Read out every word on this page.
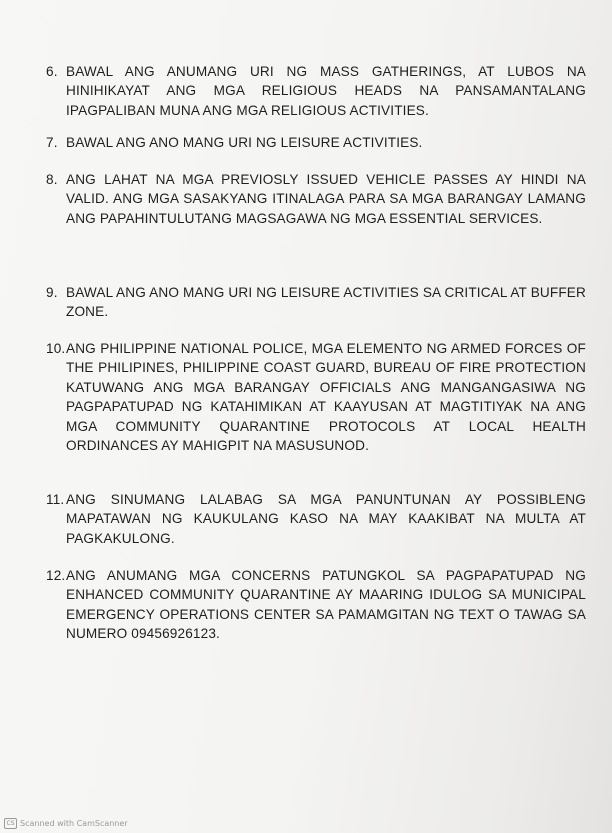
6. BAWAL ANG ANUMANG URI NG MASS GATHERINGS, AT LUBOS NA HINIHIKAYAT ANG MGA RELIGIOUS HEADS NA PANSAMANTALANG IPAGPALIBAN MUNA ANG MGA RELIGIOUS ACTIVITIES.
7. BAWAL ANG ANO MANG URI NG LEISURE ACTIVITIES.
8. ANG LAHAT NA MGA PREVIOSLY ISSUED VEHICLE PASSES AY HINDI NA VALID. ANG MGA SASAKYANG ITINALAGA PARA SA MGA BARANGAY LAMANG ANG PAPAHINTULUTANG MAGSAGAWA NG MGA ESSENTIAL SERVICES.
9. BAWAL ANG ANO MANG URI NG LEISURE ACTIVITIES SA CRITICAL AT BUFFER ZONE.
10. ANG PHILIPPINE NATIONAL POLICE, MGA ELEMENTO NG ARMED FORCES OF THE PHILIPINES, PHILIPPINE COAST GUARD, BUREAU OF FIRE PROTECTION KATUWANG ANG MGA BARANGAY OFFICIALS ANG MANGANGASIWA NG PAGPAPATUPAD NG KATAHIMIKAN AT KAAYUSAN AT MAGTITIYAK NA ANG MGA COMMUNITY QUARANTINE PROTOCOLS AT LOCAL HEALTH ORDINANCES AY MAHIGPIT NA MASUSUNOD.
11. ANG SINUMANG LALABAG SA MGA PANUNTUNAN AY POSSIBLENG MAPATAWAN NG KAUKULANG KASO NA MAY KAAKIBAT NA MULTA AT PAGKAKULONG.
12. ANG ANUMANG MGA CONCERNS PATUNGKOL SA PAGPAPATUPAD NG ENHANCED COMMUNITY QUARANTINE AY MAARING IDULOG SA MUNICIPAL EMERGENCY OPERATIONS CENTER SA PAMAMGITAN NG TEXT O TAWAG SA NUMERO 09456926123.
CS Scanned with CamScanner
